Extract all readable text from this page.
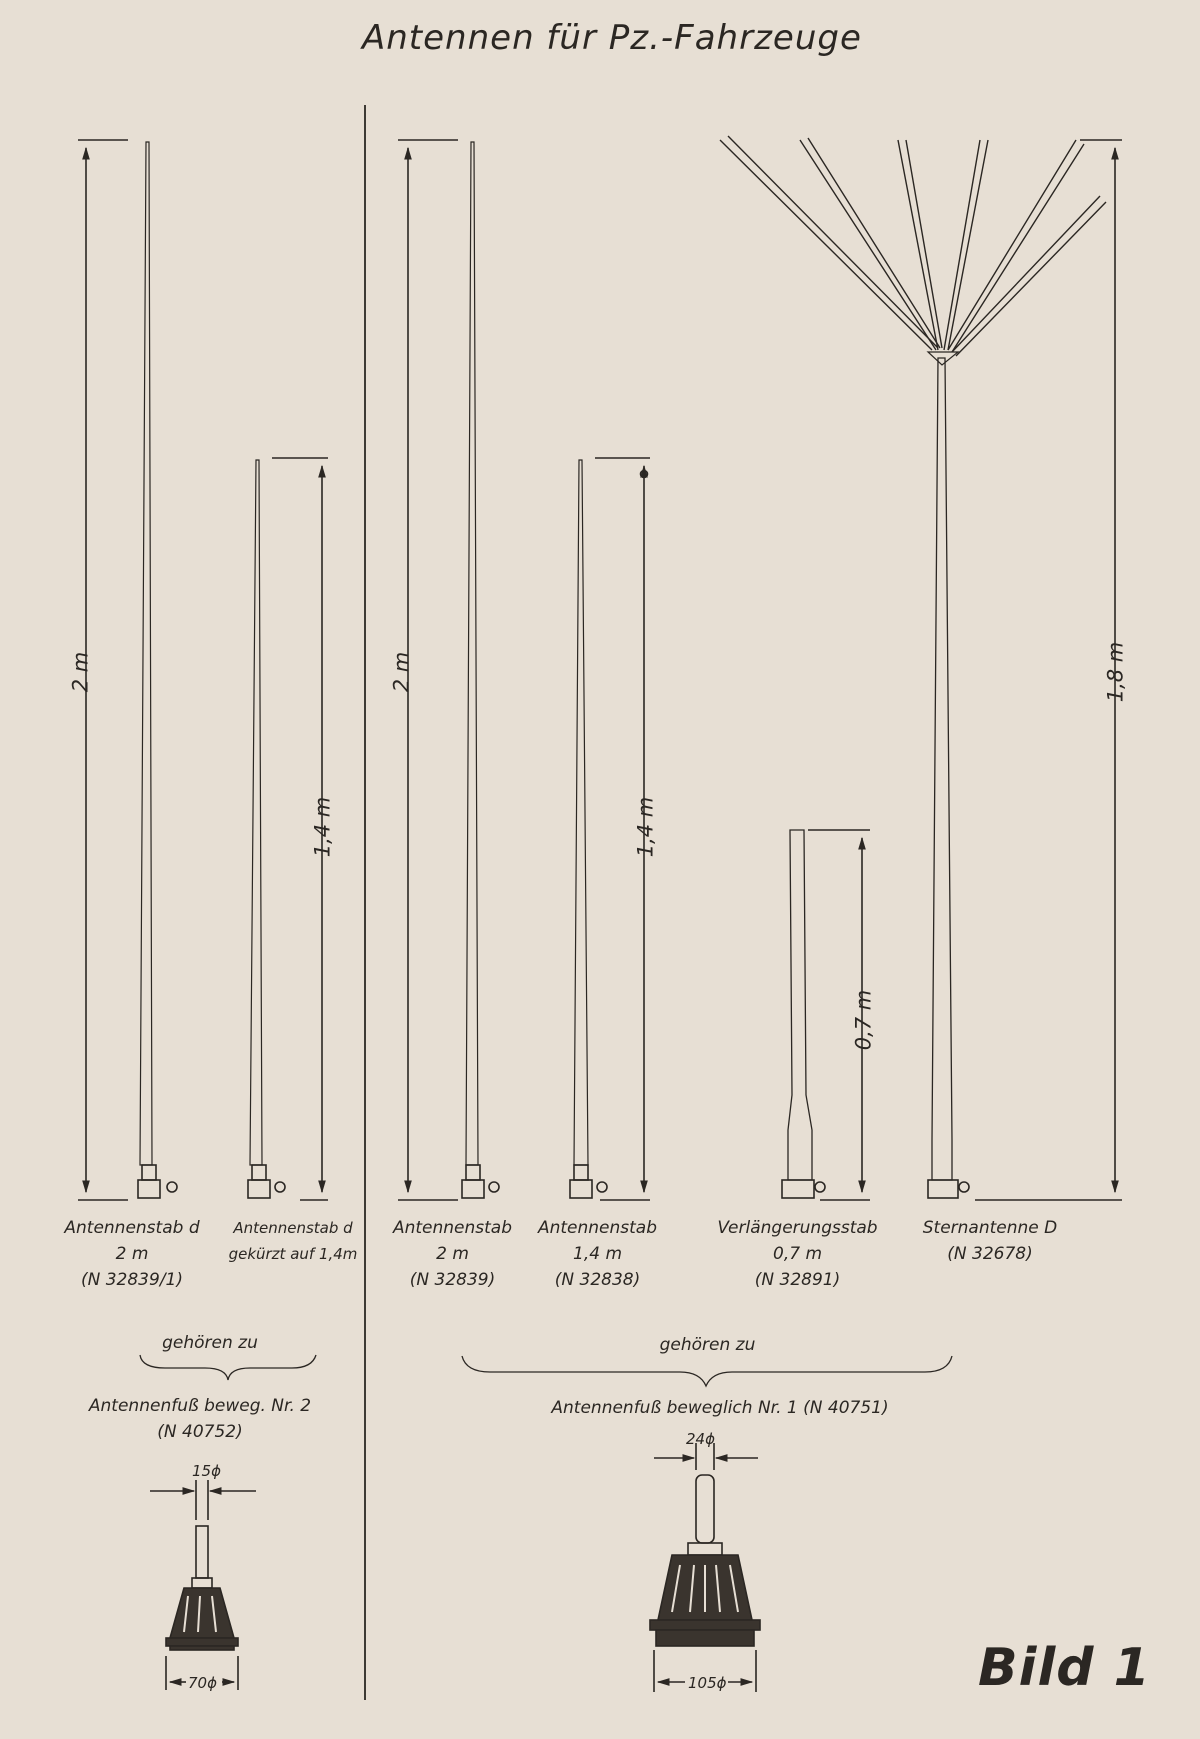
Antennen für Pz.-Fahrzeuge
2 m
1,4 m
2 m
1,4 m
0,7 m
1,8 m
Antennenstab d
2 m
(N 32839/1)
Antennenstab d
gekürzt auf 1,4m
Antennenstab
2 m
(N 32839)
Antennenstab
1,4 m
(N 32838)
Verlängerungsstab
0,7 m
(N 32891)
Sternantenne D
(N 32678)
gehören zu	gehören zu
Antennenfuß beweg. Nr. 2
(N 40752)
Antennenfuß beweglich Nr. 1 (N 40751)
15ϕ
70ϕ
24ϕ
105ϕ	Bild 1
